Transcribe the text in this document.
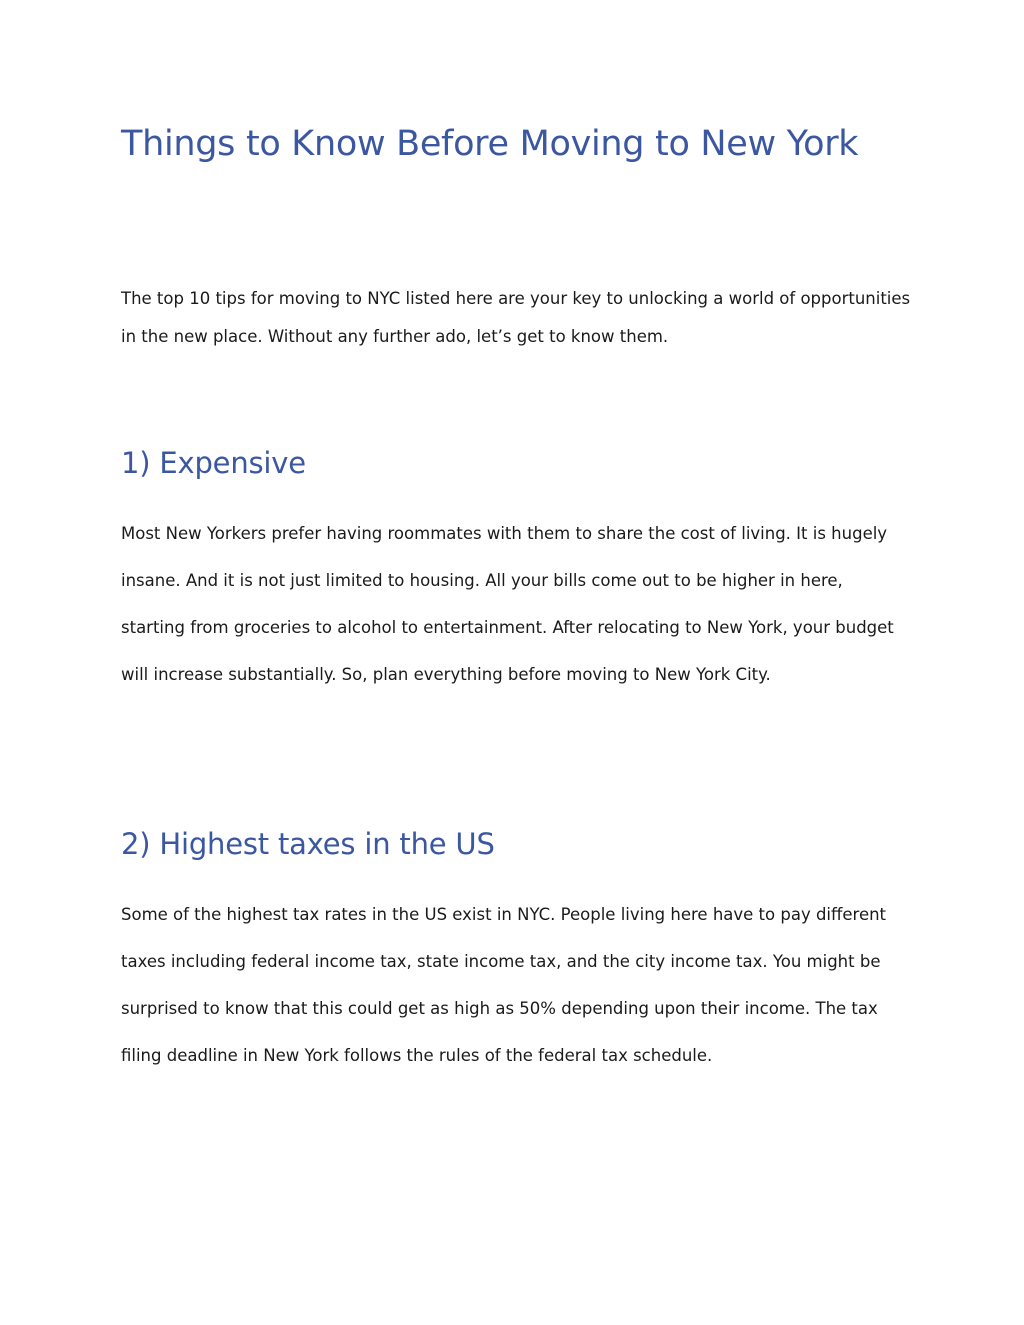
Things to Know Before Moving to New York

The top 10 tips for moving to NYC listed here are your key to unlocking a world of opportunities in the new place. Without any further ado, let’s get to know them.

1) Expensive

Most New Yorkers prefer having roommates with them to share the cost of living. It is hugely insane. And it is not just limited to housing. All your bills come out to be higher in here, starting from groceries to alcohol to entertainment. After relocating to New York, your budget will increase substantially. So, plan everything before moving to New York City.

2) Highest taxes in the US

Some of the highest tax rates in the US exist in NYC. People living here have to pay different taxes including federal income tax, state income tax, and the city income tax. You might be surprised to know that this could get as high as 50% depending upon their income. The tax filing deadline in New York follows the rules of the federal tax schedule.
